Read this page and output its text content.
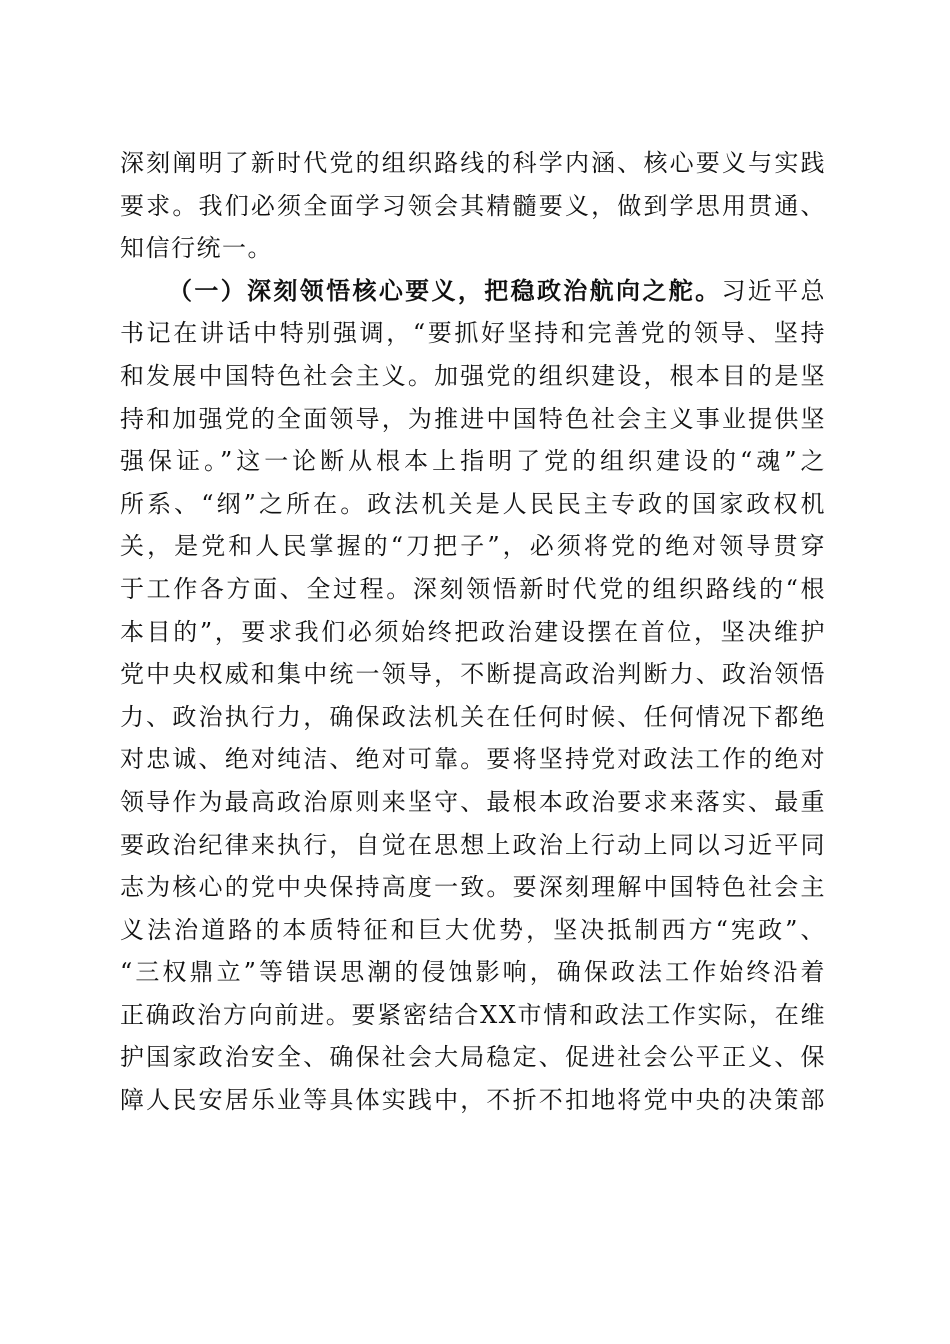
深刻阐明了新时代党的组织路线的科学内涵、核心要义与实践
要求。我们必须全面学习领会其精髓要义，做到学思用贯通、
知信行统一。
（一）深刻领悟核心要义，把稳政治航向之舵。习近平总
书记在讲话中特别强调，“要抓好坚持和完善党的领导、坚持
和发展中国特色社会主义。加强党的组织建设，根本目的是坚
持和加强党的全面领导，为推进中国特色社会主义事业提供坚
强保证。”这一论断从根本上指明了党的组织建设的“魂”之
所系、“纲”之所在。政法机关是人民民主专政的国家政权机
关，是党和人民掌握的“刀把子”，必须将党的绝对领导贯穿
于工作各方面、全过程。深刻领悟新时代党的组织路线的“根
本目的”，要求我们必须始终把政治建设摆在首位，坚决维护
党中央权威和集中统一领导，不断提高政治判断力、政治领悟
力、政治执行力，确保政法机关在任何时候、任何情况下都绝
对忠诚、绝对纯洁、绝对可靠。要将坚持党对政法工作的绝对
领导作为最高政治原则来坚守、最根本政治要求来落实、最重
要政治纪律来执行，自觉在思想上政治上行动上同以习近平同
志为核心的党中央保持高度一致。要深刻理解中国特色社会主
义法治道路的本质特征和巨大优势，坚决抵制西方“宪政”、
“三权鼎立”等错误思潮的侵蚀影响，确保政法工作始终沿着
正确政治方向前进。要紧密结合XX市情和政法工作实际，在维
护国家政治安全、确保社会大局稳定、促进社会公平正义、保
障人民安居乐业等具体实践中，不折不扣地将党中央的决策部
